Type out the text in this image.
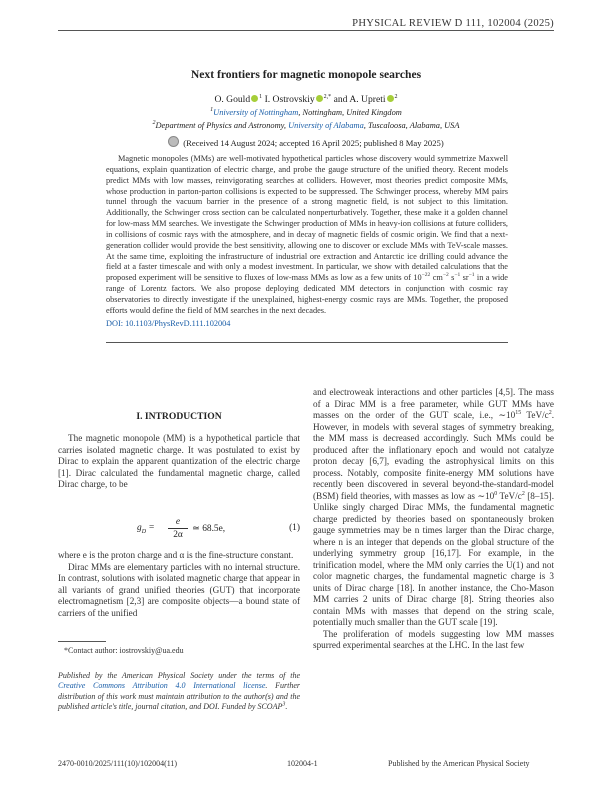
PHYSICAL REVIEW D 111, 102004 (2025)
Next frontiers for magnetic monopole searches
O. Gould $^1$ I. Ostrovskiy $^{2,*}$ and A. Upreti $^2$
$^1$University of Nottingham, Nottingham, United Kingdom
$^2$Department of Physics and Astronomy, University of Alabama, Tuscaloosa, Alabama, USA
(Received 14 August 2024; accepted 16 April 2025; published 8 May 2025)
Magnetic monopoles (MMs) are well-motivated hypothetical particles whose discovery would symmetrize Maxwell equations, explain quantization of electric charge, and probe the gauge structure of the unified theory. Recent models predict MMs with low masses, reinvigorating searches at colliders. However, most theories predict composite MMs, whose production in parton-parton collisions is expected to be suppressed. The Schwinger process, whereby MM pairs tunnel through the vacuum barrier in the presence of a strong magnetic field, is not subject to this limitation. Additionally, the Schwinger cross section can be calculated nonperturbatively. Together, these make it a golden channel for low-mass MM searches. We investigate the Schwinger production of MMs in heavy-ion collisions at future colliders, in collisions of cosmic rays with the atmosphere, and in decay of magnetic fields of cosmic origin. We find that a next-generation collider would provide the best sensitivity, allowing one to discover or exclude MMs with TeV-scale masses. At the same time, exploiting the infrastructure of industrial ore extraction and Antarctic ice drilling could advance the field at a faster timescale and with only a modest investment. In particular, we show with detailed calculations that the proposed experiment will be sensitive to fluxes of low-mass MMs as low as a few units of $10^{-22}$ $cm^{-2}$ $s^{-1}$ $sr^{-1}$ in a wide range of Lorentz factors. We also propose deploying dedicated MM detectors in conjunction with cosmic ray observatories to directly investigate if the unexplained, highest-energy cosmic rays are MMs. Together, the proposed efforts would define the field of MM searches in the next decades.
DOI: 10.1103/PhysRevD.111.102004
I. INTRODUCTION

The magnetic monopole (MM) is a hypothetical particle that carries isolated magnetic charge. It was postulated to exist by Dirac to explain the apparent quantization of the electric charge [1]. Dirac calculated the fundamental magnetic charge, called Dirac charge, to be

$g_D = \frac{e}{2\alpha}$ ≃ 68.5e,	(1)

where e is the proton charge and α is the fine-structure constant.

Dirac MMs are elementary particles with no internal structure. In contrast, solutions with isolated magnetic charge that appear in all variants of grand unified theories (GUT) that incorporate electromagnetism [2,3] are composite objects—a bound state of carriers of the unified

*Contact author: iostrovskiy@ua.edu
Published by the American Physical Society under the terms of the Creative Commons Attribution 4.0 International license. Further distribution of this work must maintain attribution to the author(s) and the published article's title, journal citation, and DOI. Funded by SCOAP$^3$.

and electroweak interactions and other particles [4,5]. The mass of a Dirac MM is a free parameter, while GUT MMs have masses on the order of the GUT scale, i.e., $\sim 10^{15}$ TeV/$c^2$. However, in models with several stages of symmetry breaking, the MM mass is decreased accordingly. Such MMs could be produced after the inflationary epoch and would not catalyze proton decay [6,7], evading the astrophysical limits on this process. Notably, composite finite-energy MM solutions have recently been discovered in several beyond-the-standard-model (BSM) field theories, with masses as low as $\sim 10^0$ TeV/$c^2$ [8–15]. Unlike singly charged Dirac MMs, the fundamental magnetic charge predicted by theories based on spontaneously broken gauge symmetries may be n times larger than the Dirac charge, where n is an integer that depends on the global structure of the underlying symmetry group [16,17]. For example, in the trinification model, where the MM only carries the U(1) and not color magnetic charges, the fundamental magnetic charge is 3 units of Dirac charge [18]. In another instance, the Cho-Mason MM carries 2 units of Dirac charge [8]. String theories also contain MMs with masses that depend on the string scale, potentially much smaller than the GUT scale [19].

The proliferation of models suggesting low MM masses spurred experimental searches at the LHC. In the last few

2470-0010/2025/111(10)/102004(11)	102004-1	Published by the American Physical Society
